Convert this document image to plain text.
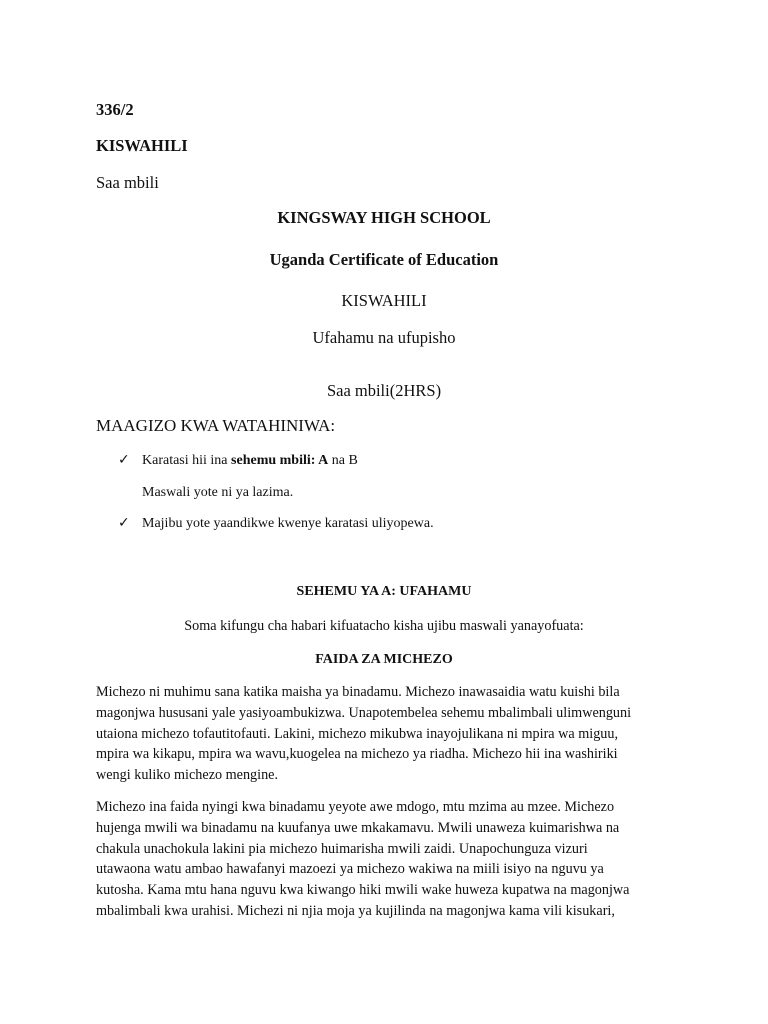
336/2
KISWAHILI
Saa mbili
KINGSWAY HIGH SCHOOL
Uganda Certificate of Education
KISWAHILI
Ufahamu na ufupisho
Saa mbili(2HRS)
MAAGIZO KWA WATAHINIWA:
✓ Karatasi hii ina sehemu mbili: A na B
Maswali yote ni ya lazima.
✓ Majibu yote yaandikwe kwenye karatasi uliyopewa.
SEHEMU YA A: UFAHAMU
Soma kifungu cha habari kifuatacho kisha ujibu maswali yanayofuata:
FAIDA ZA MICHEZO
Michezo ni muhimu sana katika maisha ya binadamu. Michezo inawasaidia watu kuishi bila
magonjwa hususani yale yasiyoambukizwa. Unapotembelea sehemu mbalimbali ulimwenguni
utaiona michezo tofautitofauti. Lakini, michezo mikubwa inayojulikana ni mpira wa miguu,
mpira wa kikapu, mpira wa wavu,kuogelea na michezo ya riadha. Michezo hii ina washiriki
wengi kuliko michezo mengine.
Michezo ina faida nyingi kwa binadamu yeyote awe mdogo, mtu mzima au mzee. Michezo
hujenga mwili wa binadamu na kuufanya uwe mkakamavu. Mwili unaweza kuimarishwa na
chakula unachokula lakini pia michezo huimarisha mwili zaidi. Unapochunguza vizuri
utawaona watu ambao hawafanyi mazoezi ya michezo wakiwa na miili isiyo na nguvu ya
kutosha. Kama mtu hana nguvu kwa kiwango hiki mwili wake huweza kupatwa na magonjwa
mbalimbali kwa urahisi. Michezi ni njia moja ya kujilinda na magonjwa kama vili kisukari,
